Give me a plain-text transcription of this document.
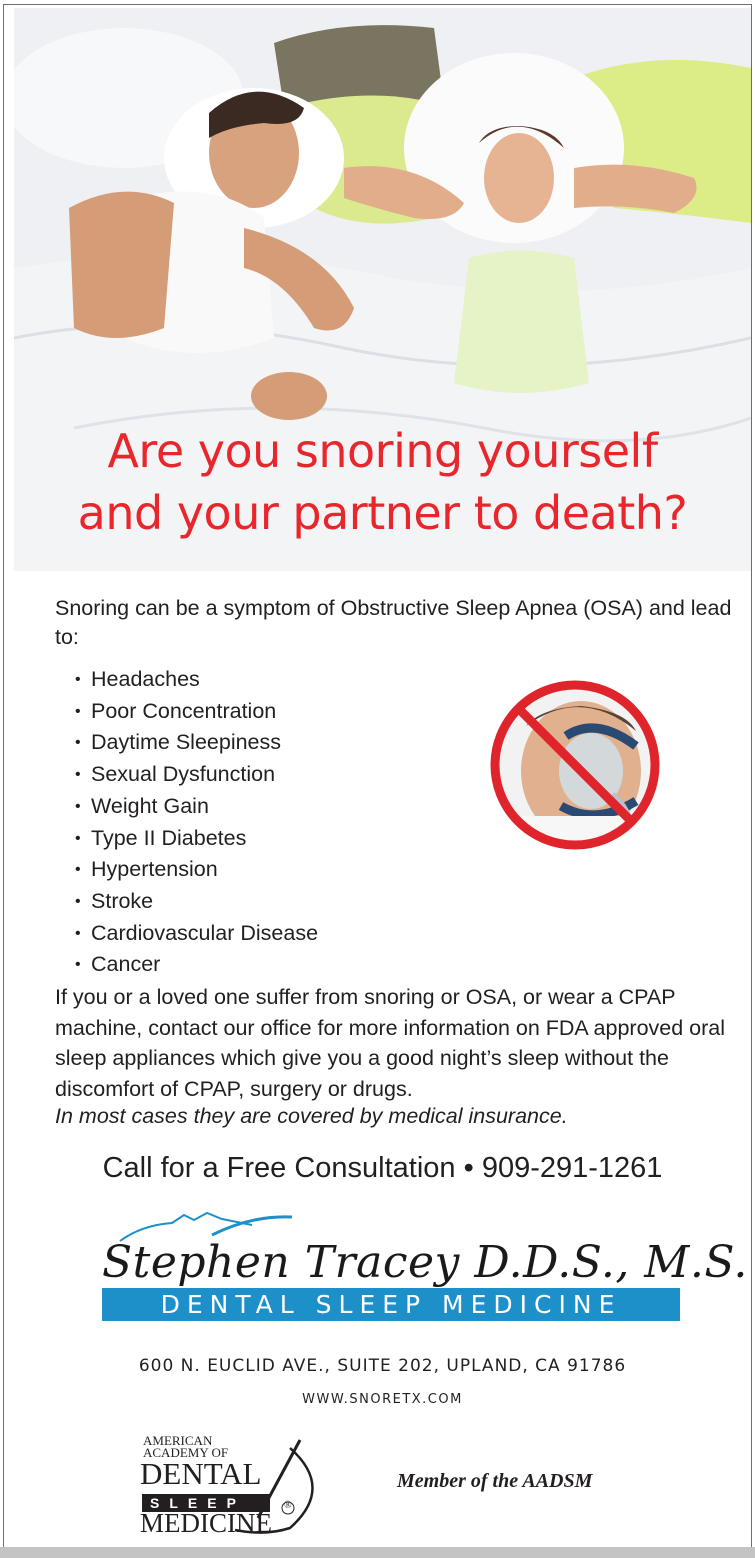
Are you snoring yourself
and your partner to death?
Snoring can be a symptom of Obstructive Sleep Apnea (OSA) and lead to:
• Headaches
• Poor Concentration
• Daytime Sleepiness
• Sexual Dysfunction
• Weight Gain
• Type II Diabetes
• Hypertension
• Stroke
• Cardiovascular Disease
• Cancer
If you or a loved one suffer from snoring or OSA, or wear a CPAP machine, contact our office for more information on FDA approved oral sleep appliances which give you a good night’s sleep without the discomfort of CPAP, surgery or drugs.
In most cases they are covered by medical insurance.
Call for a Free Consultation • 909-291-1261
Stephen Tracey D.D.S., M.S.
DENTAL SLEEP MEDICINE
600 N. EUCLID AVE., SUITE 202, UPLAND, CA 91786
WWW.SNORETX.COM
AMERICAN
ACADEMY OF
DENTAL
SLEEP
MEDICINE
®
Member of the AADSM
